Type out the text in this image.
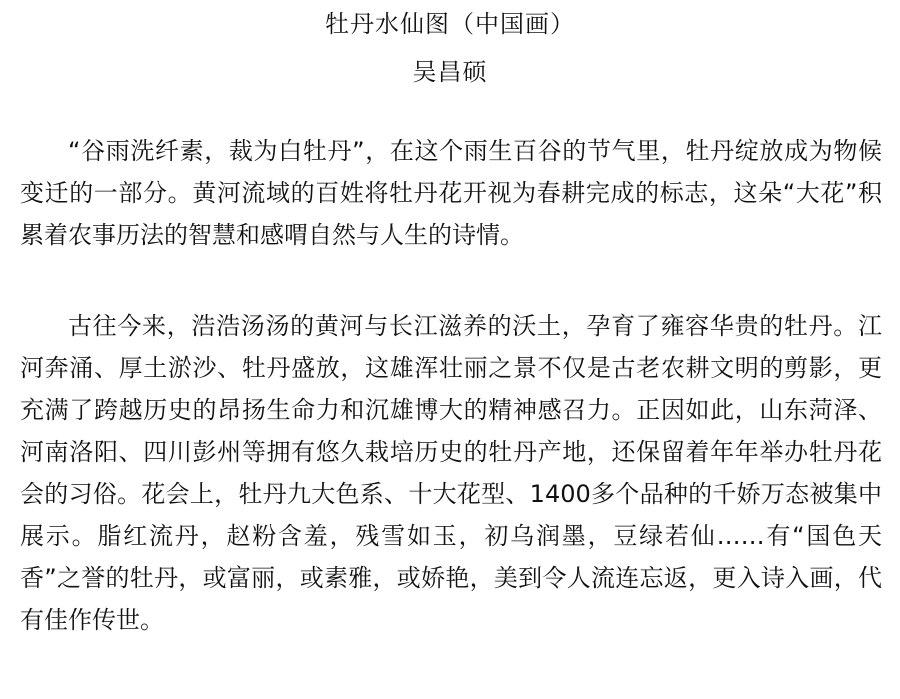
牡丹水仙图（中国画）
吴昌硕

“谷雨洗纤素，裁为白牡丹”，在这个雨生百谷的节气里，牡丹绽放成为物候变迁的一部分。黄河流域的百姓将牡丹花开视为春耕完成的标志，这朵“大花”积累着农事历法的智慧和感喟自然与人生的诗情。

古往今来，浩浩汤汤的黄河与长江滋养的沃土，孕育了雍容华贵的牡丹。江河奔涌、厚土淤沙、牡丹盛放，这雄浑壮丽之景不仅是古老农耕文明的剪影，更充满了跨越历史的昂扬生命力和沉雄博大的精神感召力。正因如此，山东菏泽、河南洛阳、四川彭州等拥有悠久栽培历史的牡丹产地，还保留着年年举办牡丹花会的习俗。花会上，牡丹九大色系、十大花型、1400多个品种的千娇万态被集中展示。脂红流丹，赵粉含羞，残雪如玉，初乌润墨，豆绿若仙……有“国色天香”之誉的牡丹，或富丽，或素雅，或娇艳，美到令人流连忘返，更入诗入画，代有佳作传世。
